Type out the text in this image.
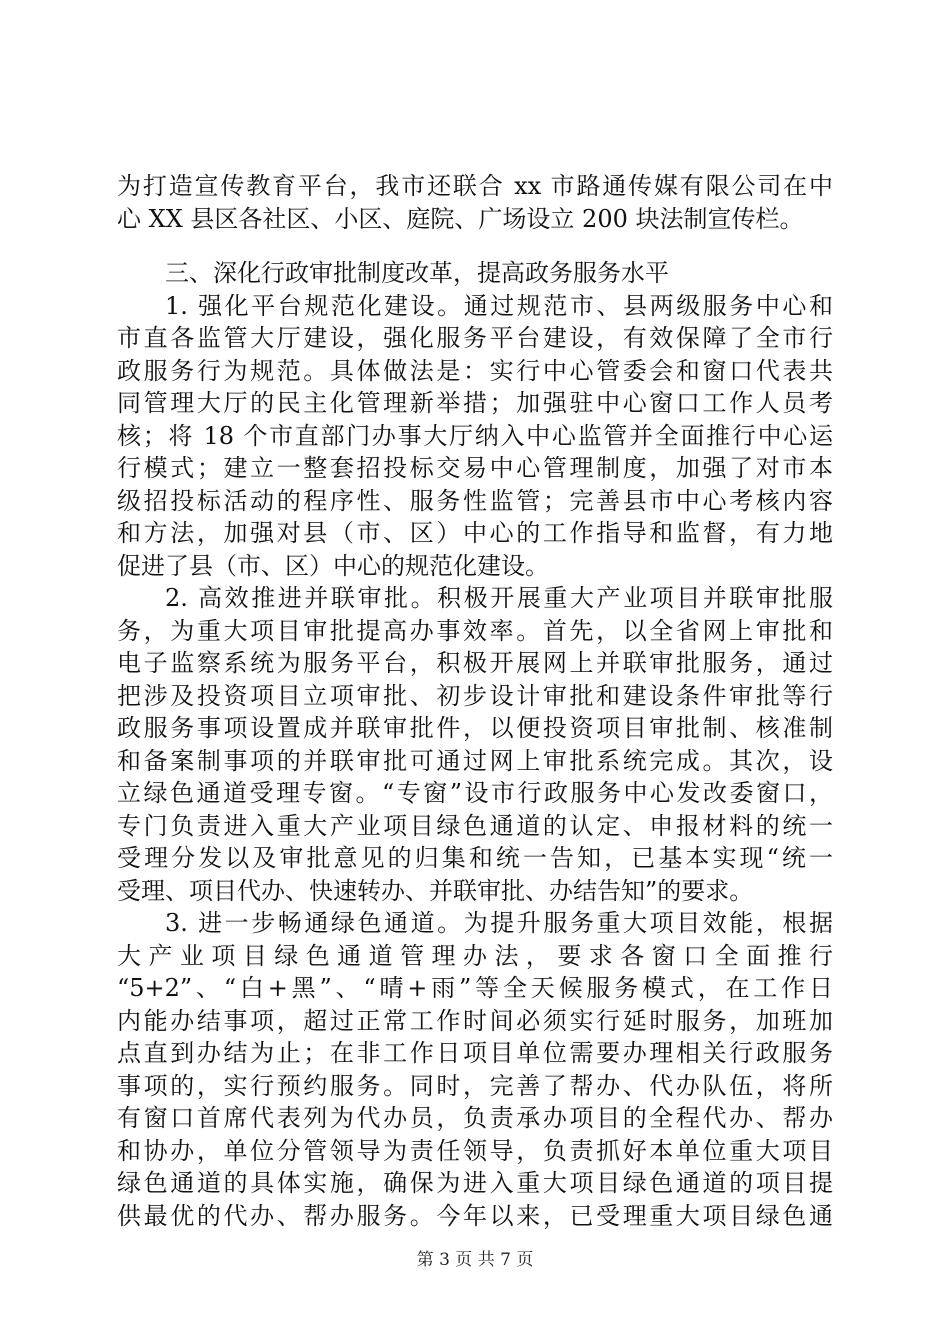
为打造宣传教育平台，我市还联合 xx 市路通传媒有限公司在中
心 XX 县区各社区、小区、庭院、广场设立 200 块法制宣传栏。
三、深化行政审批制度改革，提高政务服务水平
1. 强化平台规范化建设。通过规范市、县两级服务中心和
市直各监管大厅建设，强化服务平台建设，有效保障了全市行
政服务行为规范。具体做法是：实行中心管委会和窗口代表共
同管理大厅的民主化管理新举措；加强驻中心窗口工作人员考
核；将 18 个市直部门办事大厅纳入中心监管并全面推行中心运
行模式；建立一整套招投标交易中心管理制度，加强了对市本
级招投标活动的程序性、服务性监管；完善县市中心考核内容
和方法，加强对县（市、区）中心的工作指导和监督，有力地
促进了县（市、区）中心的规范化建设。
2. 高效推进并联审批。积极开展重大产业项目并联审批服
务，为重大项目审批提高办事效率。首先，以全省网上审批和
电子监察系统为服务平台，积极开展网上并联审批服务，通过
把涉及投资项目立项审批、初步设计审批和建设条件审批等行
政服务事项设置成并联审批件，以便投资项目审批制、核准制
和备案制事项的并联审批可通过网上审批系统完成。其次，设
立绿色通道受理专窗。“专窗”设市行政服务中心发改委窗口，
专门负责进入重大产业项目绿色通道的认定、申报材料的统一
受理分发以及审批意见的归集和统一告知，已基本实现“统一
受理、项目代办、快速转办、并联审批、办结告知”的要求。
3. 进一步畅通绿色通道。为提升服务重大项目效能，根据
大产业项目绿色通道管理办法，要求各窗口全面推行
“5+2”、“白+黑”、“晴+雨”等全天候服务模式，在工作日
内能办结事项，超过正常工作时间必须实行延时服务，加班加
点直到办结为止；在非工作日项目单位需要办理相关行政服务
事项的，实行预约服务。同时，完善了帮办、代办队伍，将所
有窗口首席代表列为代办员，负责承办项目的全程代办、帮办
和协办，单位分管领导为责任领导，负责抓好本单位重大项目
绿色通道的具体实施，确保为进入重大项目绿色通道的项目提
供最优的代办、帮办服务。今年以来，已受理重大项目绿色通
第 3 页 共 7 页
